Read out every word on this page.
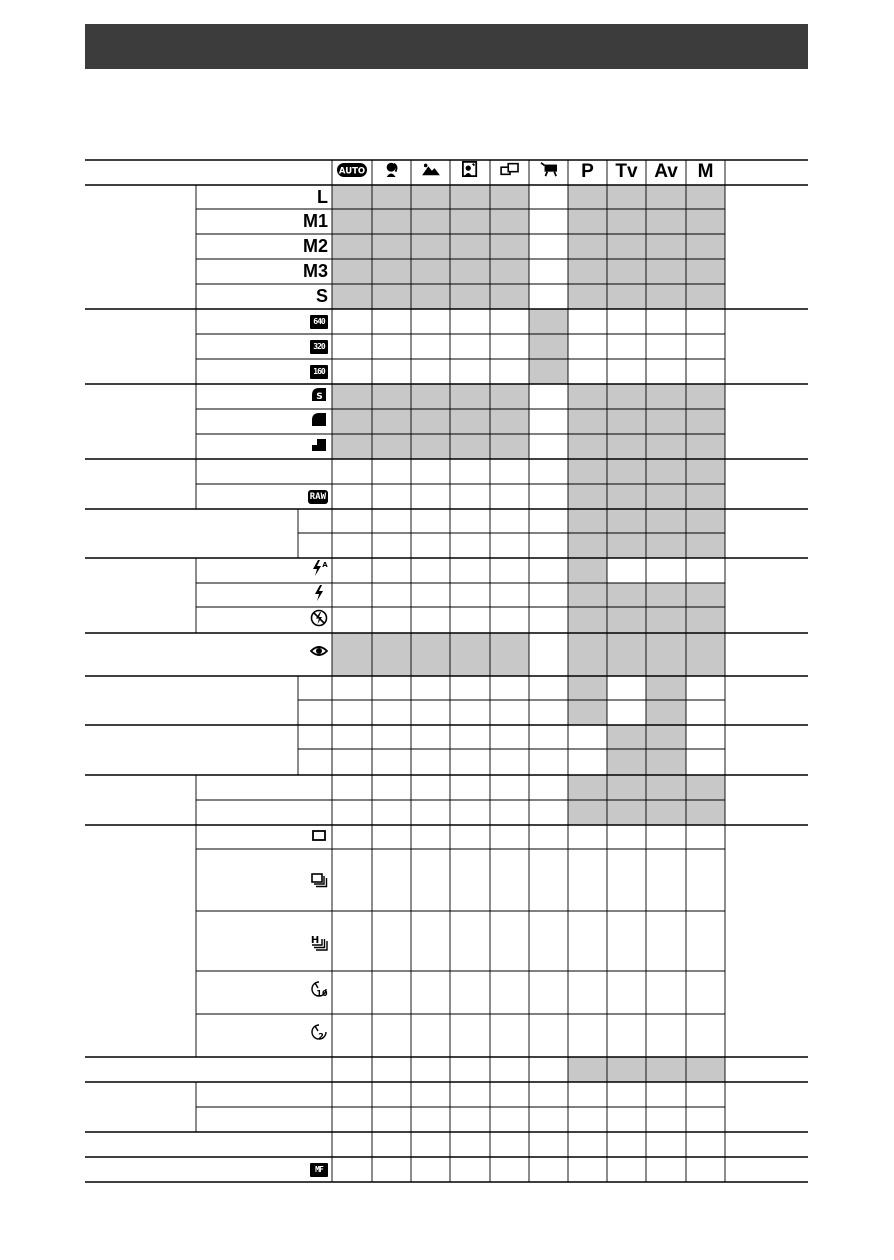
AUTO	P Tv Av M
L
M1
M2
M3
S
640
320
160
S
RAW
A
H
10
2
MF
